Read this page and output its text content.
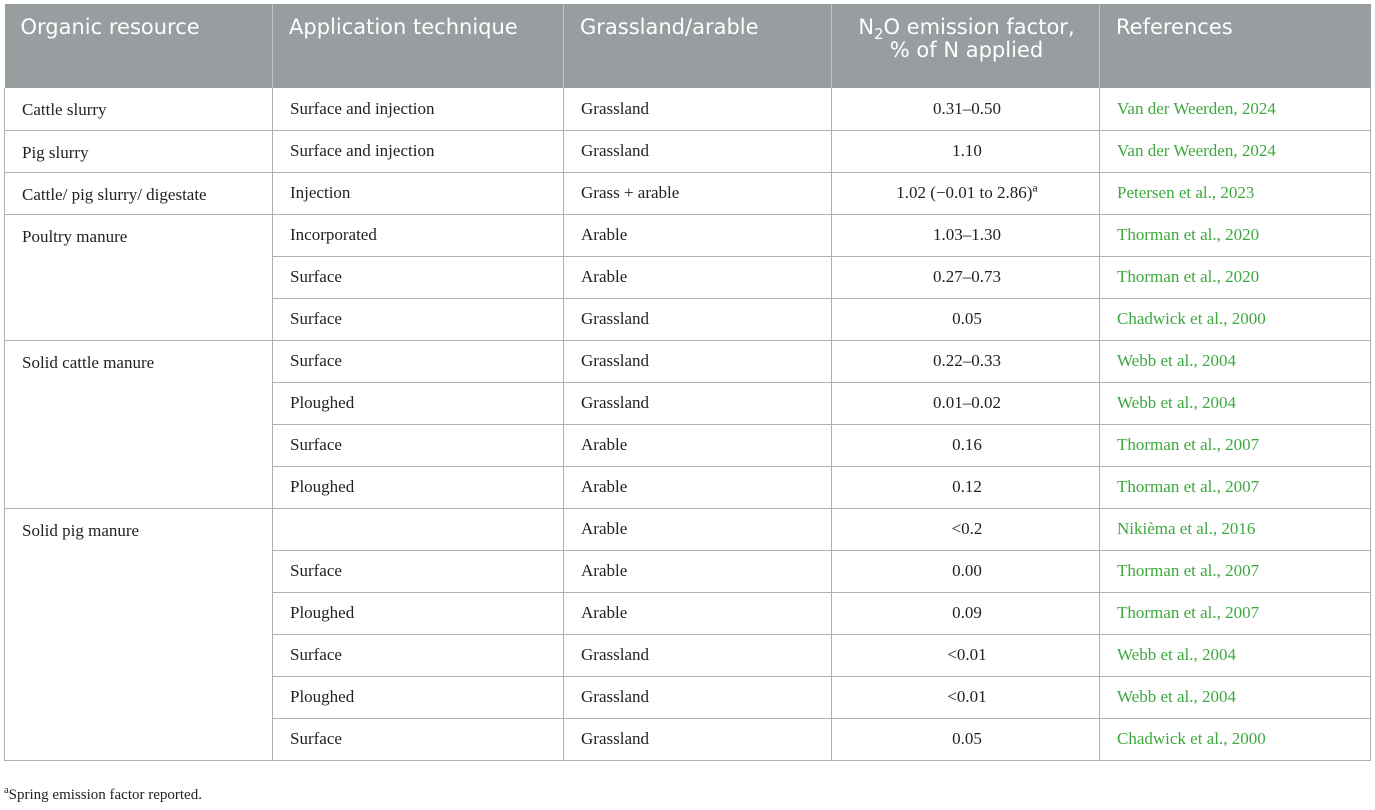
Organic resource	Application technique	Grassland/arable	$N_2O$ emission factor, % of N applied	References
Cattle slurry	Surface and injection	Grassland	0.31–0.50	Van der Weerden, 2024
Pig slurry	Surface and injection	Grassland	1.10	Van der Weerden, 2024
Cattle/ pig slurry/ digestate	Injection	Grass + arable	1.02 (−0.01 to 2.86)$^a$	Petersen et al., 2023
Poultry manure	Incorporated	Arable	1.03–1.30	Thorman et al., 2020
	Surface	Arable	0.27–0.73	Thorman et al., 2020
	Surface	Grassland	0.05	Chadwick et al., 2000
Solid cattle manure	Surface	Grassland	0.22–0.33	Webb et al., 2004
	Ploughed	Grassland	0.01–0.02	Webb et al., 2004
	Surface	Arable	0.16	Thorman et al., 2007
	Ploughed	Arable	0.12	Thorman et al., 2007
Solid pig manure		Arable	<0.2	Nikièma et al., 2016
	Surface	Arable	0.00	Thorman et al., 2007
	Ploughed	Arable	0.09	Thorman et al., 2007
	Surface	Grassland	<0.01	Webb et al., 2004
	Ploughed	Grassland	<0.01	Webb et al., 2004
	Surface	Grassland	0.05	Chadwick et al., 2000
$^a$Spring emission factor reported.
